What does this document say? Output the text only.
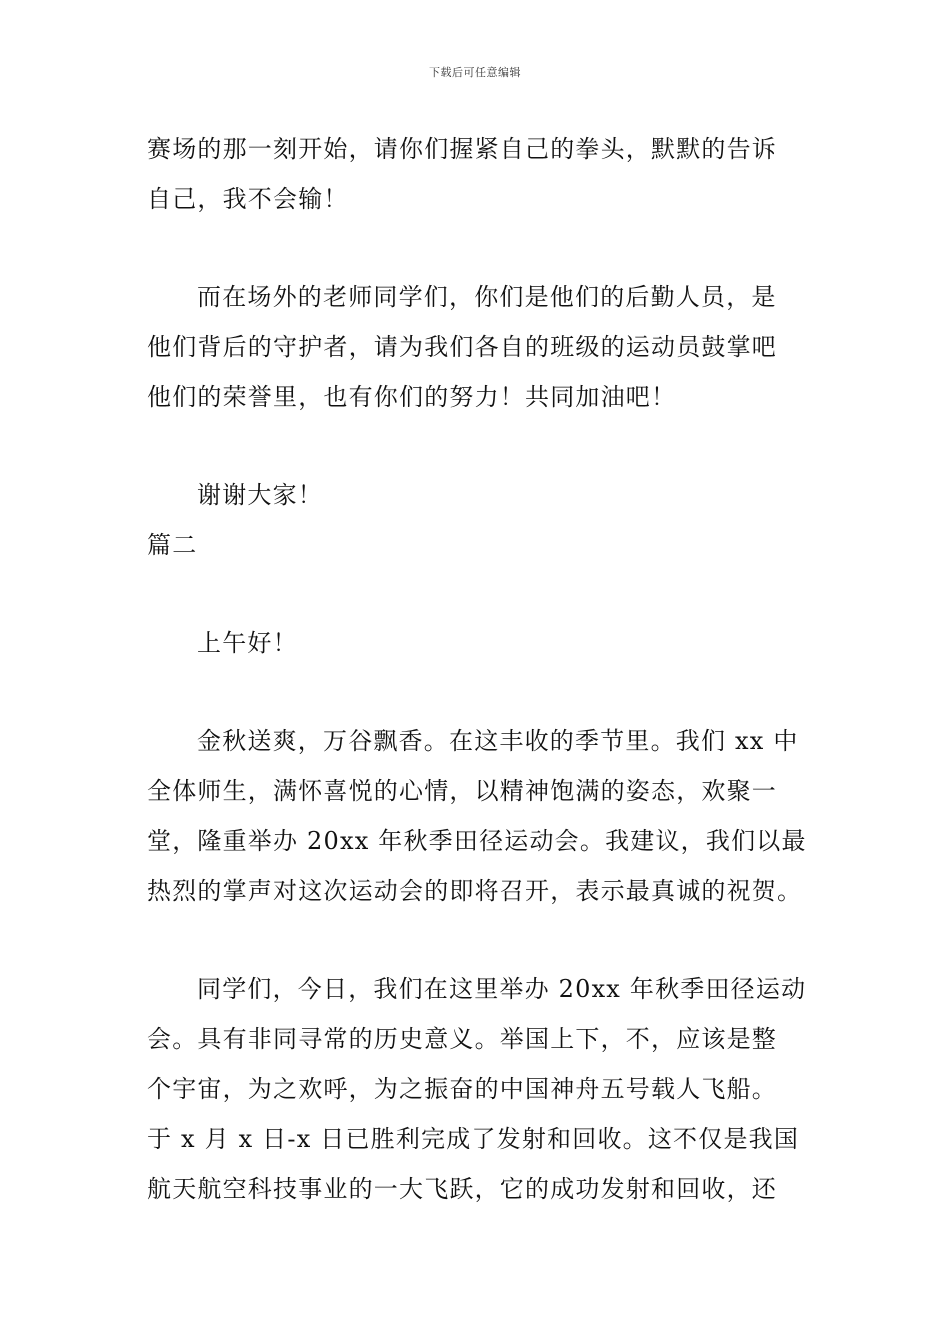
下载后可任意编辑
赛场的那一刻开始，请你们握紧自己的拳头，默默的告诉
自己，我不会输！
而在场外的老师同学们，你们是他们的后勤人员，是
他们背后的守护者，请为我们各自的班级的运动员鼓掌吧
他们的荣誉里，也有你们的努力！共同加油吧！
谢谢大家！
篇二
上午好！
金秋送爽，万谷飘香。在这丰收的季节里。我们 xx 中
全体师生，满怀喜悦的心情，以精神饱满的姿态，欢聚一
堂，隆重举办 20xx 年秋季田径运动会。我建议，我们以最
热烈的掌声对这次运动会的即将召开，表示最真诚的祝贺。
同学们，今日，我们在这里举办 20xx 年秋季田径运动
会。具有非同寻常的历史意义。举国上下，不，应该是整
个宇宙，为之欢呼，为之振奋的中国神舟五号载人飞船。
于 x 月 x 日-x 日已胜利完成了发射和回收。这不仅是我国
航天航空科技事业的一大飞跃，它的成功发射和回收，还
